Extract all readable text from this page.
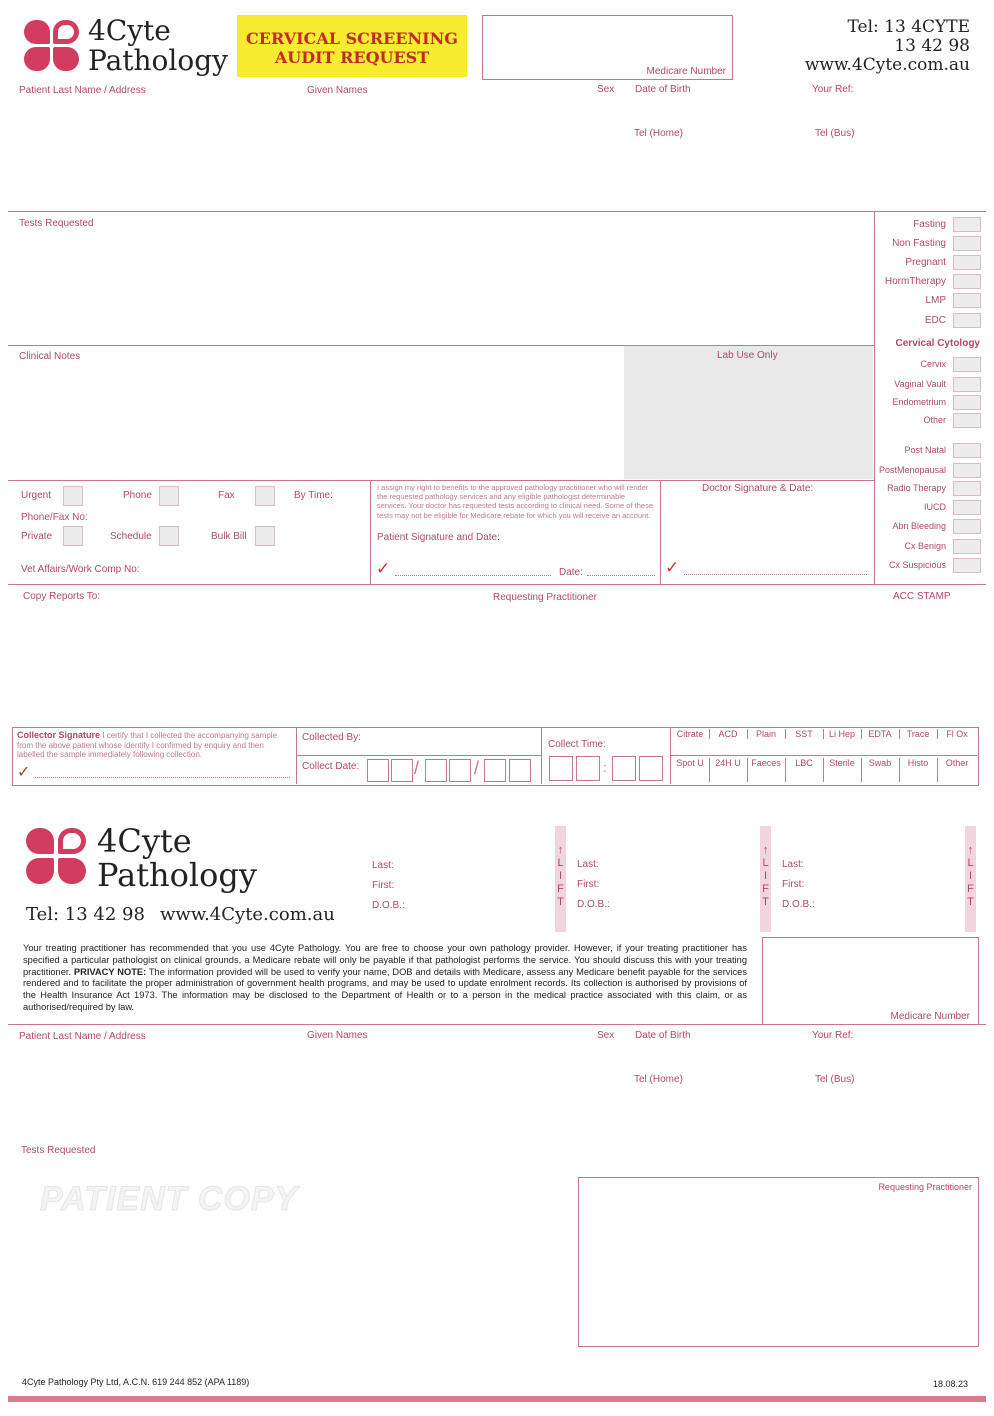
4Cyte
Pathology
CERVICAL SCREENING
AUDIT REQUEST
Medicare Number
Tel: 13 4CYTE
13 42 98
www.4Cyte.com.au
Patient Last Name / Address	Given Names	Sex Date of Birth	Your Ref:
Tel (Home)	Tel (Bus)
Tests Requested	Fasting
Non Fasting
Pregnant
HormTherapy
LMP
EDC
Cervical Cytology
Cervix
Vaginal Vault
Endometrium
Other
Post Natal
PostMenopausal
Radio Therapy
IUCD
Abn Bleeding
Cx Benign
Cx Suspicious
Clinical Notes	Lab Use Only
Urgent	Phone	Fax	By Time:
Phone/Fax No:
Private	Schedule	Bulk Bill
Vet Affairs/Work Comp No:
I assign my right to benefits to the approved pathology practitioner who will render the requested pathology services and any eligible pathologist determinable services. Your doctor has requested tests according to clinical need. Some of these tests may not be eligible for Medicare rebate for which you will receive an account.
Patient Signature and Date:
✓	Date:
Doctor Signature & Date:
✓
Copy Reports To:	Requesting Practitioner	ACC STAMP
Collector Signature I certify that I collected the accompanying sample from the above patient whose identify I confirmed by enquiry and then labelled the sample immediately following collection.
✓
Collected By:
Collect Date:	/	/
Collect Time:
:
Citrate	ACD	Plain	SST	Li Hep	EDTA	Trace	Fl Ox
Spot U	24H U	Faeces	LBC	Sterile	Swab	Histo	Other
4Cyte
Pathology
Tel: 13 42 98 www.4Cyte.com.au
Last:
First:
D.O.B.:
↑
LIFT
Last:
First:
D.O.B.:
↑
LIFT
Last:
First:
D.O.B.:
↑
LIFT
Your treating practitioner has recommended that you use 4Cyte Pathology. You are free to choose your own pathology provider. However, if your treating practitioner has specified a particular pathologist on clinical grounds, a Medicare rebate will only be payable if that pathologist performs the service. You should discuss this with your treating practitioner. PRIVACY NOTE: The information provided will be used to verify your name, DOB and details with Medicare, assess any Medicare benefit payable for the services rendered and to facilitate the proper administration of government health programs, and may be used to update enrolment records. Its collection is authorised by provisions of the Health Insurance Act 1973. The information may be disclosed to the Department of Health or to a person in the medical practice associated with this claim, or as authorised/required by law.
Medicare Number
Patient Last Name / Address	Given Names	Sex Date of Birth	Your Ref:
Tel (Home)	Tel (Bus)
Tests Requested
PATIENT COPY	Requesting Practitioner
4Cyte Pathology Pty Ltd, A.C.N. 619 244 852 (APA 1189)	18.08.23
